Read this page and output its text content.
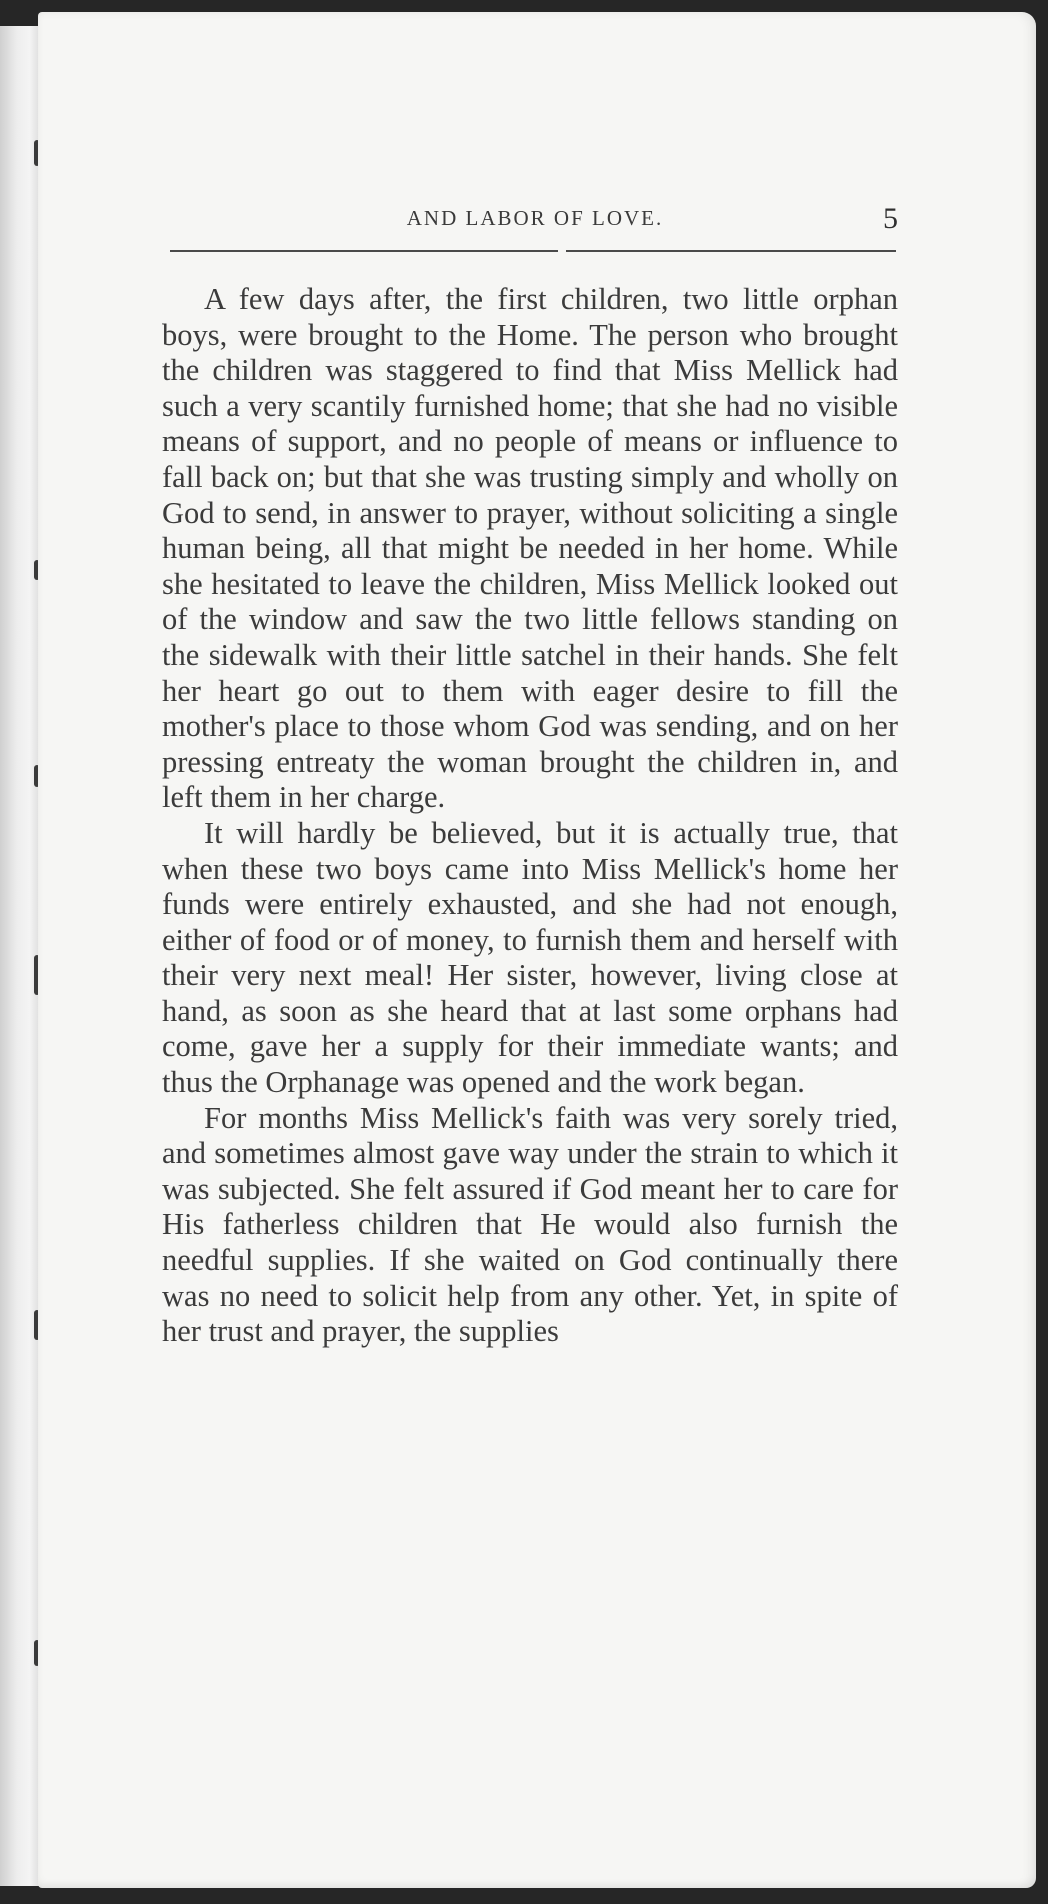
AND LABOR OF LOVE.	5

A few days after, the first children, two little orphan boys, were brought to the Home. The person who brought the children was staggered to find that Miss Mellick had such a very scantily furnished home; that she had no visible means of support, and no people of means or influence to fall back on; but that she was trusting simply and wholly on God to send, in answer to prayer, without soliciting a single human being, all that might be needed in her home. While she hesitated to leave the children, Miss Mellick looked out of the window and saw the two little fellows standing on the sidewalk with their little satchel in their hands. She felt her heart go out to them with eager desire to fill the mother's place to those whom God was sending, and on her pressing entreaty the woman brought the children in, and left them in her charge.

It will hardly be believed, but it is actually true, that when these two boys came into Miss Mellick's home her funds were entirely exhausted, and she had not enough, either of food or of money, to furnish them and herself with their very next meal! Her sister, however, living close at hand, as soon as she heard that at last some orphans had come, gave her a supply for their immediate wants; and thus the Orphanage was opened and the work began.

For months Miss Mellick's faith was very sorely tried, and sometimes almost gave way under the strain to which it was subjected. She felt assured if God meant her to care for His fatherless children that He would also furnish the needful supplies. If she waited on God continually there was no need to solicit help from any other. Yet, in spite of her trust and prayer, the supplies
